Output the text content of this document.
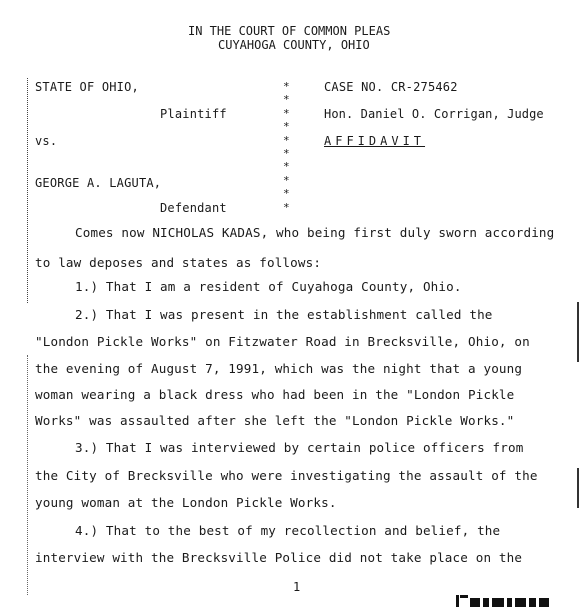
IN THE COURT OF COMMON PLEAS
CUYAHOGA COUNTY, OHIO
STATE OF OHIO,
Plaintiff
vs.
GEORGE A. LAGUTA,
Defendant
*
*
*
*
*
*
*
*
*
*
CASE NO. CR-275462
Hon. Daniel O. Corrigan, Judge
AFFIDAVIT
Comes now NICHOLAS KADAS, who being first duly sworn according
to law deposes and states as follows:
1.) That I am a resident of Cuyahoga County, Ohio.
2.) That I was present in the establishment called the
"London Pickle Works" on Fitzwater Road in Brecksville, Ohio, on
the evening of August 7, 1991, which was the night that a young
woman wearing a black dress who had been in the "London Pickle
Works" was assaulted after she left the "London Pickle Works."
3.) That I was interviewed by certain police officers from
the City of Brecksville who were investigating the assault of the
young woman at the London Pickle Works.
4.) That to the best of my recollection and belief, the
interview with the Brecksville Police did not take place on the
1
